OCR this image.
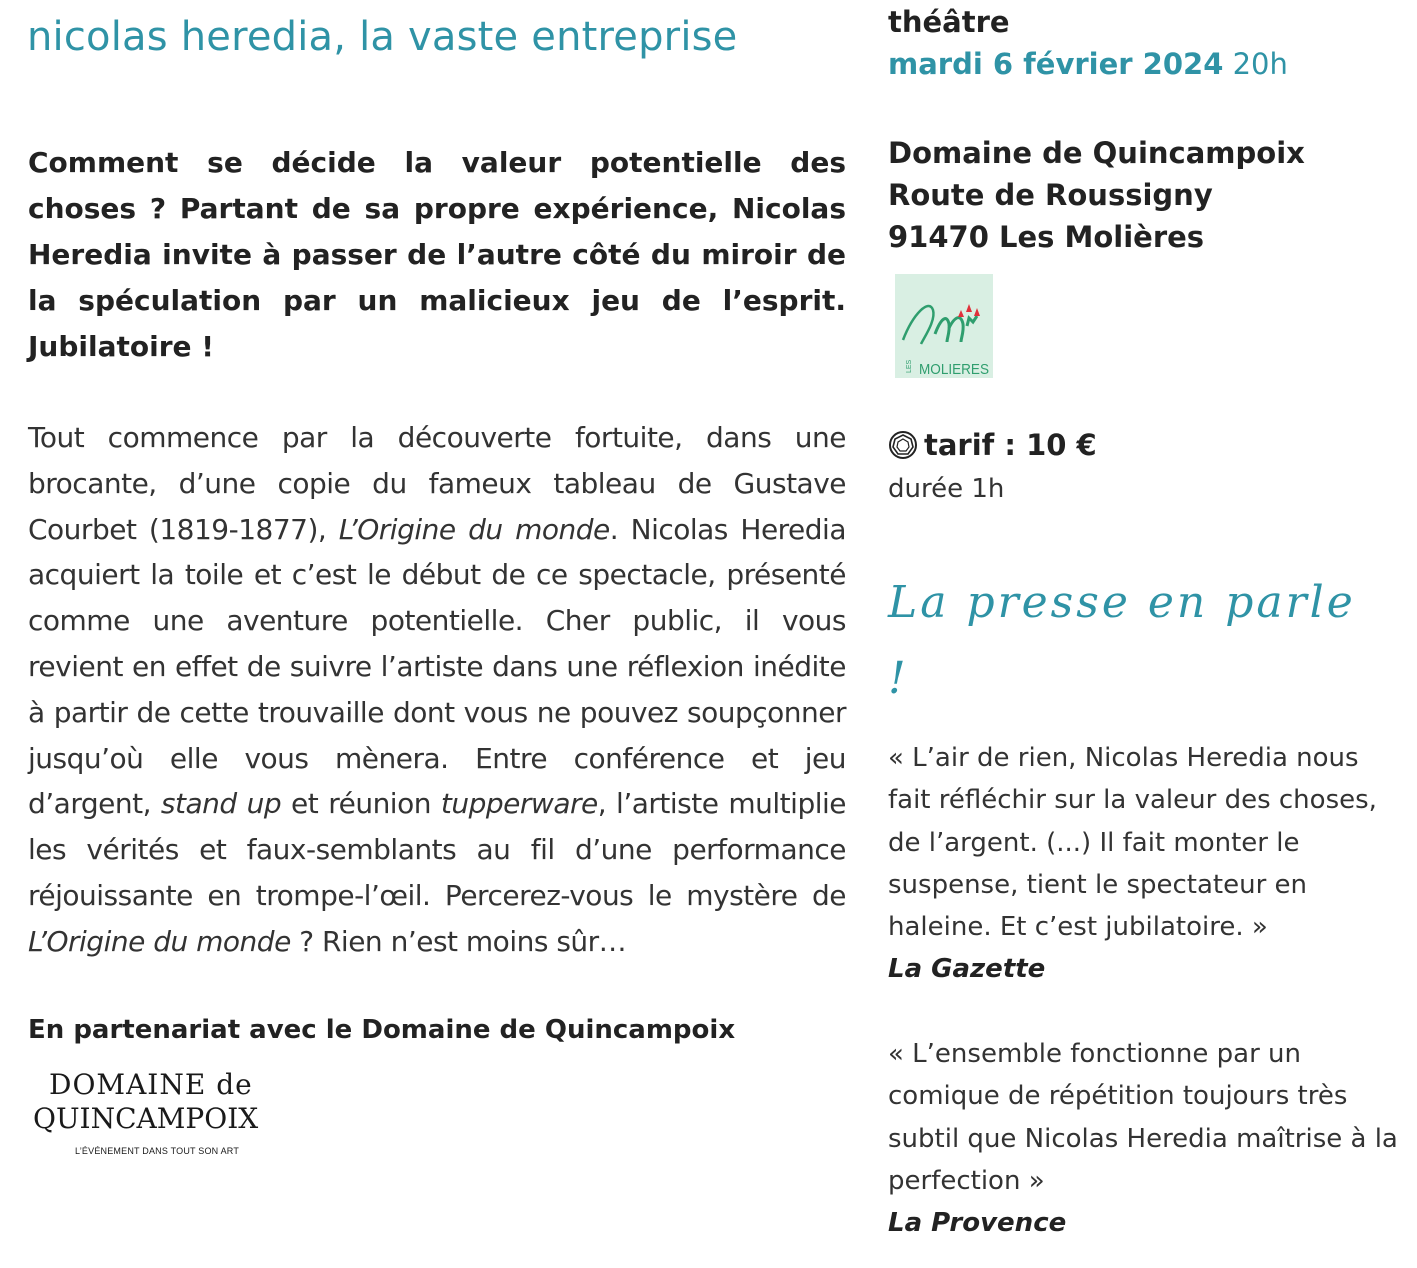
nicolas heredia, la vaste entreprise

Comment se décide la valeur potentielle des choses ? Partant de sa propre expérience, Nicolas Heredia invite à passer de l’autre côté du miroir de la spéculation par un malicieux jeu de l’esprit. Jubilatoire !

Tout commence par la découverte fortuite, dans une brocante, d’une copie du fameux tableau de Gustave Courbet (1819-1877), L’Origine du monde. Nicolas Heredia acquiert la toile et c’est le début de ce spectacle, présenté comme une aventure potentielle. Cher public, il vous revient en effet de suivre l’artiste dans une réflexion inédite à partir de cette trouvaille dont vous ne pouvez soupçonner jusqu’où elle vous mènera. Entre conférence et jeu d’argent, stand up et réunion tupperware, l’artiste multiplie les vérités et faux-semblants au fil d’une performance réjouissante en trompe-l’œil. Percerez-vous le mystère de L’Origine du monde ? Rien n’est moins sûr…

En partenariat avec le Domaine de Quincampoix

DOMAINE de
QUINCAMPOIX
L’ÉVÉNEMENT DANS TOUT SON ART

théâtre

mardi 6 février 2024 20h

Domaine de Quincampoix
Route de Roussigny
91470 Les Molières
LES MOLIERES

tarif : 10 €

durée 1h

La presse en parle !

« L’air de rien, Nicolas Heredia nous fait réfléchir sur la valeur des choses, de l’argent. (...) Il fait monter le suspense, tient le spectateur en haleine. Et c’est jubilatoire. »
La Gazette

« L’ensemble fonctionne par un comique de répétition toujours très subtil que Nicolas Heredia maîtrise à la perfection »
La Provence
